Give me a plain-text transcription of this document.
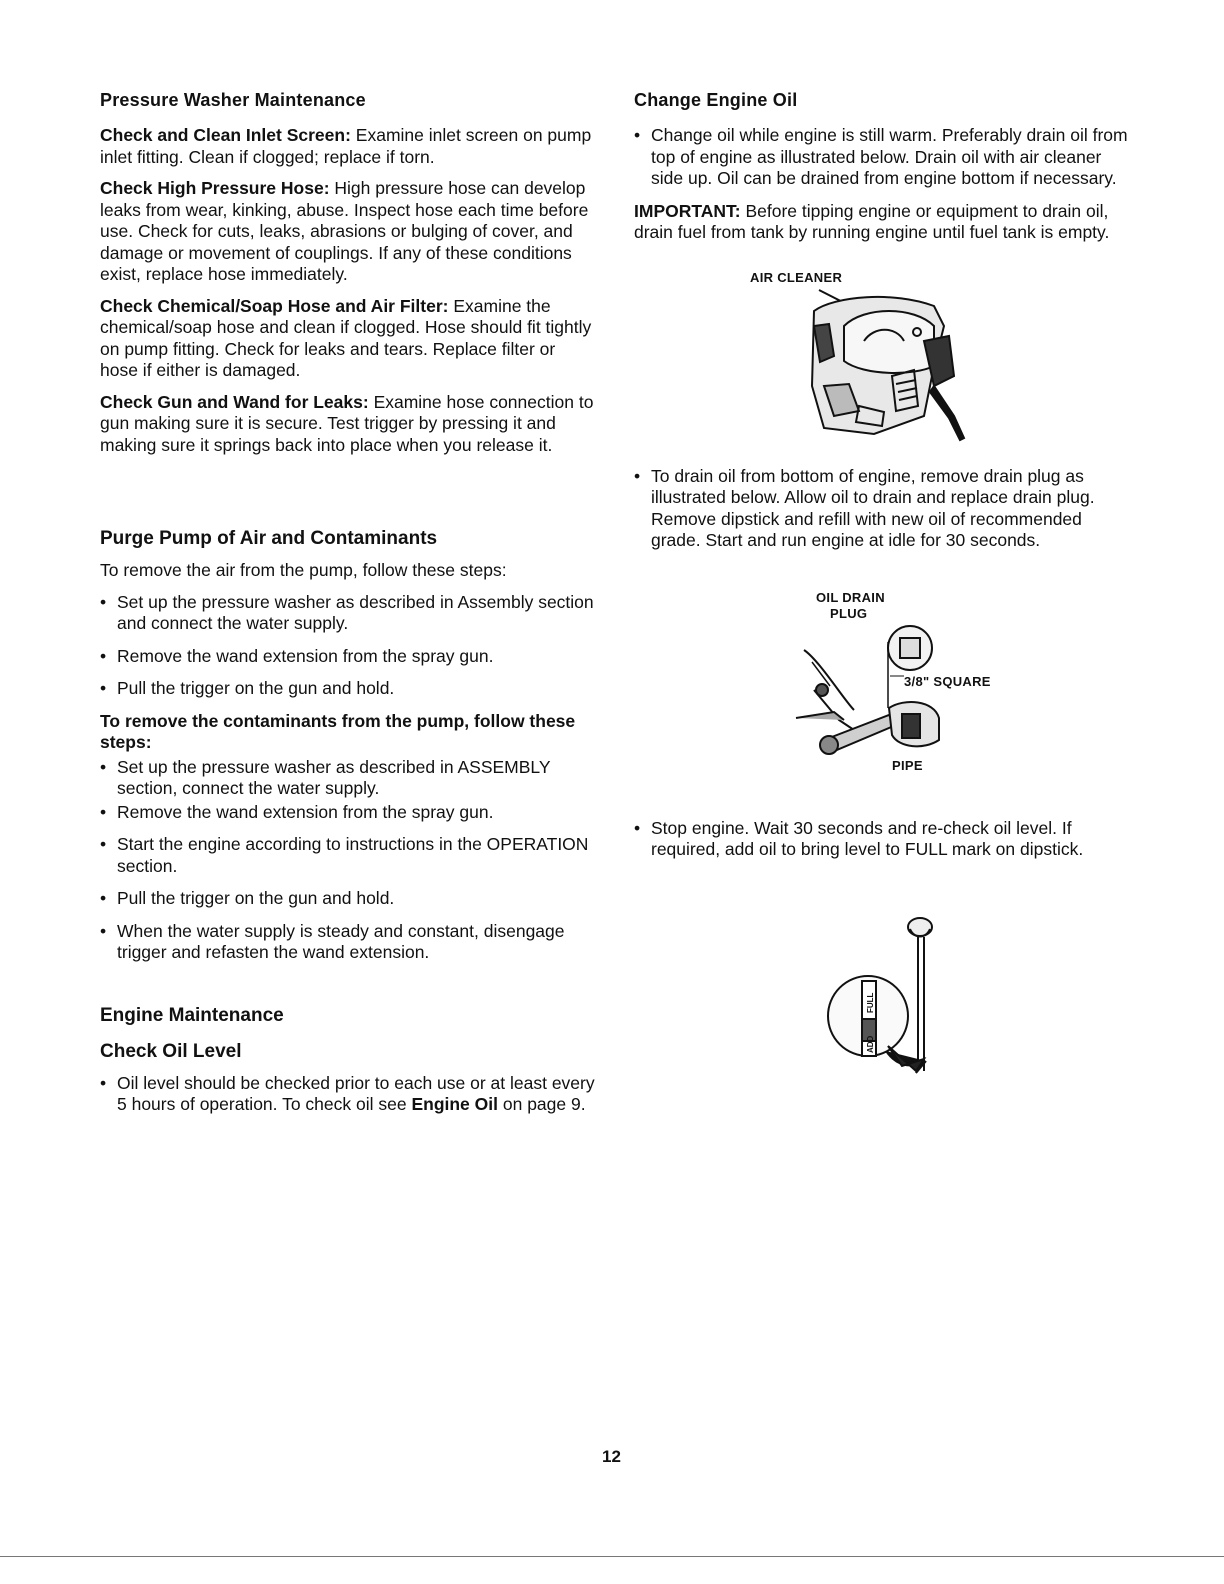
Pressure Washer Maintenance

Check and Clean Inlet Screen: Examine inlet screen on pump inlet fitting. Clean if clogged; replace if torn.

Check High Pressure Hose: High pressure hose can develop leaks from wear, kinking, abuse. Inspect hose each time before use. Check for cuts, leaks, abrasions or bulging of cover, and damage or movement of couplings. If any of these conditions exist, replace hose immediately.

Check Chemical/Soap Hose and Air Filter: Examine the chemical/soap hose and clean if clogged. Hose should fit tightly on pump fitting. Check for leaks and tears. Replace filter or hose if either is damaged.

Check Gun and Wand for Leaks: Examine hose connection to gun making sure it is secure. Test trigger by pressing it and making sure it springs back into place when you release it.

Purge Pump of Air and Contaminants

To remove the air from the pump, follow these steps:

• Set up the pressure washer as described in Assembly section and connect the water supply.
• Remove the wand extension from the spray gun.
• Pull the trigger on the gun and hold.
To remove the contaminants from the pump, follow these steps:
• Set up the pressure washer as described in ASSEMBLY section, connect the water supply.
• Remove the wand extension from the spray gun.
• Start the engine according to instructions in the OPERATION section.
• Pull the trigger on the gun and hold.
• When the water supply is steady and constant, disengage trigger and refasten the wand extension.
Engine Maintenance
Check Oil Level
• Oil level should be checked prior to each use or at least every 5 hours of operation. To check oil see Engine Oil on page 9.
Change Engine Oil
• Change oil while engine is still warm. Preferably drain oil from top of engine as illustrated below. Drain oil with air cleaner side up. Oil can be drained from engine bottom if necessary.

IMPORTANT: Before tipping engine or equipment to drain oil, drain fuel from tank by running engine until fuel tank is empty.

AIR CLEANER
• To drain oil from bottom of engine, remove drain plug as illustrated below. Allow oil to drain and replace drain plug. Remove dipstick and refill with new oil of recommended grade. Start and run engine at idle for 30 seconds.
OIL DRAIN
PLUG
3/8" SQUARE
PIPE
• Stop engine. Wait 30 seconds and re-check oil level. If required, add oil to bring level to FULL mark on dipstick.
FULL
ADD
12
